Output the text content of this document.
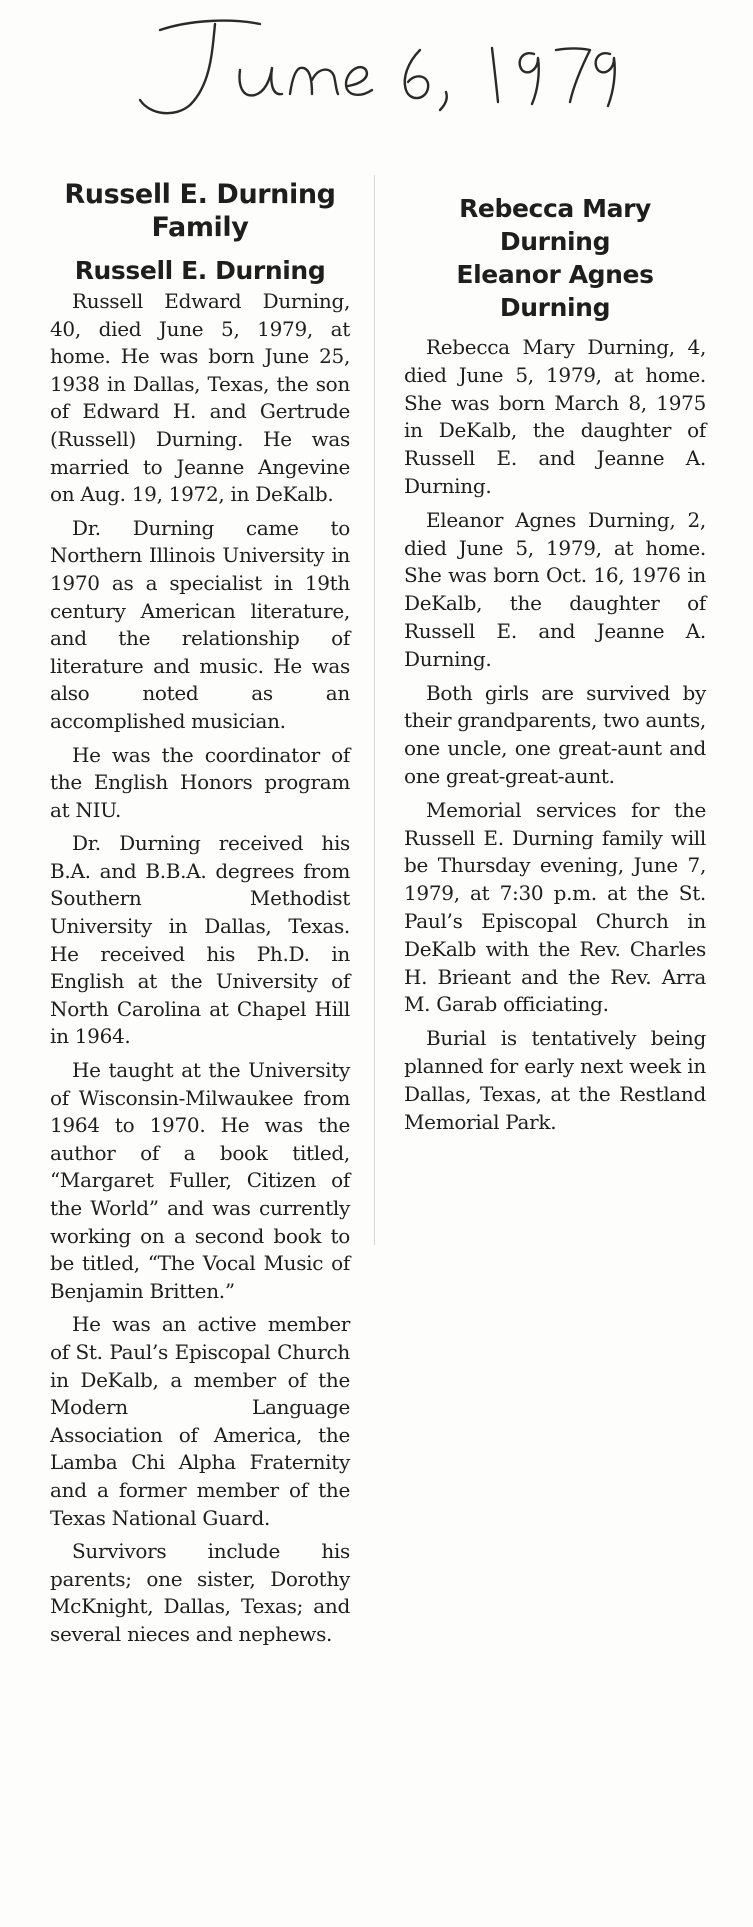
Russell E. Durning Family
Russell E. Durning

Russell Edward Durning, 40, died June 5, 1979, at home. He was born June 25, 1938 in Dallas, Texas, the son of Edward H. and Gertrude (Russell) Durning. He was married to Jeanne Angevine on Aug. 19, 1972, in DeKalb.

Dr. Durning came to Northern Illinois University in 1970 as a specialist in 19th century American literature, and the relationship of literature and music. He was also noted as an accomplished musician.

He was the coordinator of the English Honors program at NIU.

Dr. Durning received his B.A. and B.B.A. degrees from Southern Methodist University in Dallas, Texas. He received his Ph.D. in English at the University of North Carolina at Chapel Hill in 1964.

He taught at the University of Wisconsin-Milwaukee from 1964 to 1970. He was the author of a book titled, “Margaret Fuller, Citizen of the World” and was currently working on a second book to be titled, “The Vocal Music of Benjamin Britten.”

He was an active member of St. Paul’s Episcopal Church in DeKalb, a member of the Modern Language Association of America, the Lamba Chi Alpha Fraternity and a former member of the Texas National Guard.

Survivors include his parents; one sister, Dorothy McKnight, Dallas, Texas; and several nieces and nephews.

Rebecca Mary
Durning
Eleanor Agnes
Durning

Rebecca Mary Durning, 4, died June 5, 1979, at home. She was born March 8, 1975 in DeKalb, the daughter of Russell E. and Jeanne A. Durning.

Eleanor Agnes Durning, 2, died June 5, 1979, at home. She was born Oct. 16, 1976 in DeKalb, the daughter of Russell E. and Jeanne A. Durning.

Both girls are survived by their grandparents, two aunts, one uncle, one great-aunt and one great-great-aunt.

Memorial services for the Russell E. Durning family will be Thursday evening, June 7, 1979, at 7:30 p.m. at the St. Paul’s Episcopal Church in DeKalb with the Rev. Charles H. Brieant and the Rev. Arra M. Garab officiating.

Burial is tentatively being planned for early next week in Dallas, Texas, at the Restland Memorial Park.
